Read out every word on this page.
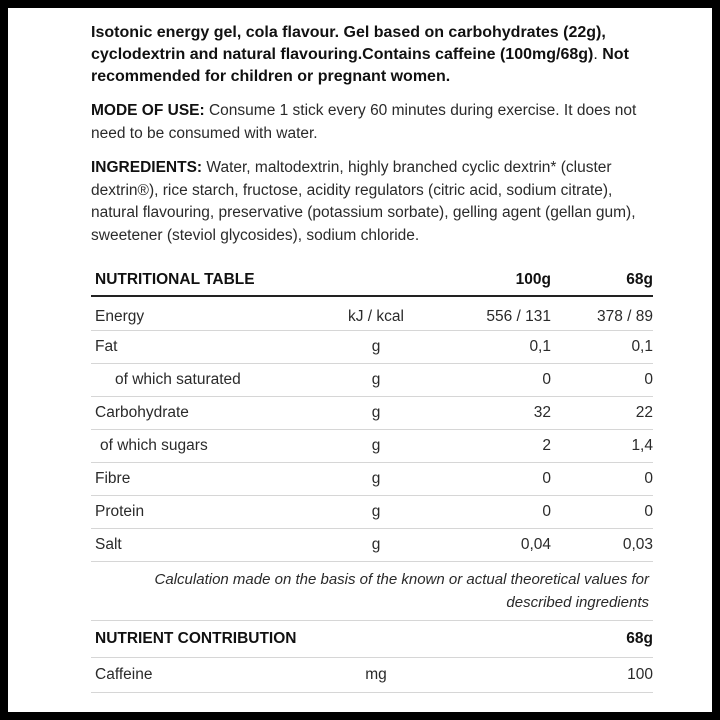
Isotonic energy gel, cola flavour. Gel based on carbohydrates (22g), cyclodextrin and natural flavouring.Contains caffeine (100mg/68g). Not recommended for children or pregnant women.

MODE OF USE: Consume 1 stick every 60 minutes during exercise. It does not need to be consumed with water.

INGREDIENTS: Water, maltodextrin, highly branched cyclic dextrin* (cluster dextrin®), rice starch, fructose, acidity regulators (citric acid, sodium citrate), natural flavouring, preservative (potassium sorbate), gelling agent (gellan gum), sweetener (steviol glycosides), sodium chloride.

NUTRITIONAL TABLE		100g	68g
Energy	kJ / kcal	556 / 131	378 / 89
Fat	g	0,1	0,1
of which saturated	g	0	0
Carbohydrate	g	32	22
of which sugars	g	2	1,4
Fibre	g	0	0
Protein	g	0	0
Salt	g	0,04	0,03
Calculation made on the basis of the known or actual theoretical values for described ingredients
NUTRIENT CONTRIBUTION			68g
Caffeine	mg		100
